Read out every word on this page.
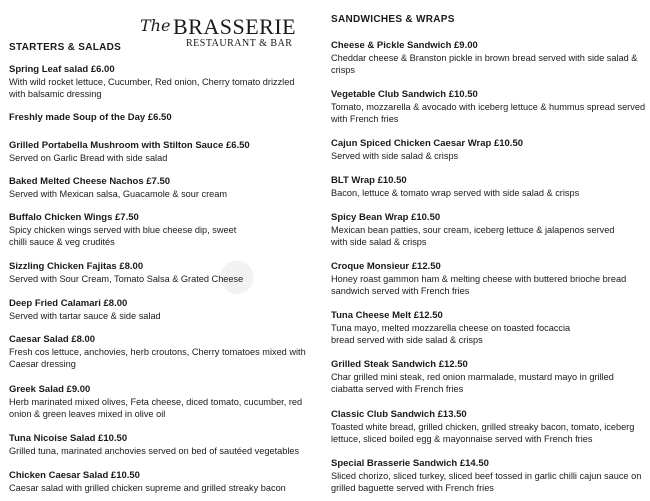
●
The BRASSERIE
RESTAURANT & BAR
STARTERS & SALADS
Spring Leaf salad £6.00
With wild rocket lettuce, Cucumber, Red onion, Cherry tomato drizzled with balsamic dressing
Freshly made Soup of the Day £6.50
Grilled Portabella Mushroom with Stilton Sauce £6.50
Served on Garlic Bread with side salad
Baked Melted Cheese Nachos £7.50
Served with Mexican salsa, Guacamole & sour cream
Buffalo Chicken Wings £7.50
Spicy chicken wings served with blue cheese dip, sweet chilli sauce & veg crudités
Sizzling Chicken Fajitas £8.00
Served with Sour Cream, Tomato Salsa & Grated Cheese
Deep Fried Calamari £8.00
Served with tartar sauce & side salad
Caesar Salad £8.00
Fresh cos lettuce, anchovies, herb croutons, Cherry tomatoes mixed with Caesar dressing
Greek Salad £9.00
Herb marinated mixed olives, Feta cheese, diced tomato, cucumber, red onion & green leaves mixed in olive oil
Tuna Nicoise Salad £10.50
Grilled tuna, marinated anchovies served on bed of sautéed vegetables
Chicken Caesar Salad £10.50
Caesar salad with grilled chicken supreme and grilled streaky bacon
SANDWICHES & WRAPS
Cheese & Pickle Sandwich £9.00
Cheddar cheese & Branston pickle in brown bread served with side salad & crisps
Vegetable Club Sandwich £10.50
Tomato, mozzarella & avocado with iceberg lettuce & hummus spread served with French fries
Cajun Spiced Chicken Caesar Wrap £10.50
Served with side salad & crisps
BLT Wrap £10.50
Bacon, lettuce & tomato wrap served with side salad & crisps
Spicy Bean Wrap £10.50
Mexican bean patties, sour cream, iceberg lettuce & jalapenos served with side salad & crisps
Croque Monsieur £12.50
Honey roast gammon ham & melting cheese with buttered brioche bread sandwich served with French fries
Tuna Cheese Melt £12.50
Tuna mayo, melted mozzarella cheese on toasted focaccia bread served with side salad & crisps
Grilled Steak Sandwich £12.50
Char grilled mini steak, red onion marmalade, mustard mayo in grilled ciabatta served with French fries
Classic Club Sandwich £13.50
Toasted white bread, grilled chicken, grilled streaky bacon, tomato, iceberg lettuce, sliced boiled egg & mayonnaise served with French fries
Special Brasserie Sandwich £14.50
Sliced chorizo, sliced turkey, sliced beef tossed in garlic chilli cajun sauce on grilled baguette served with French fries
